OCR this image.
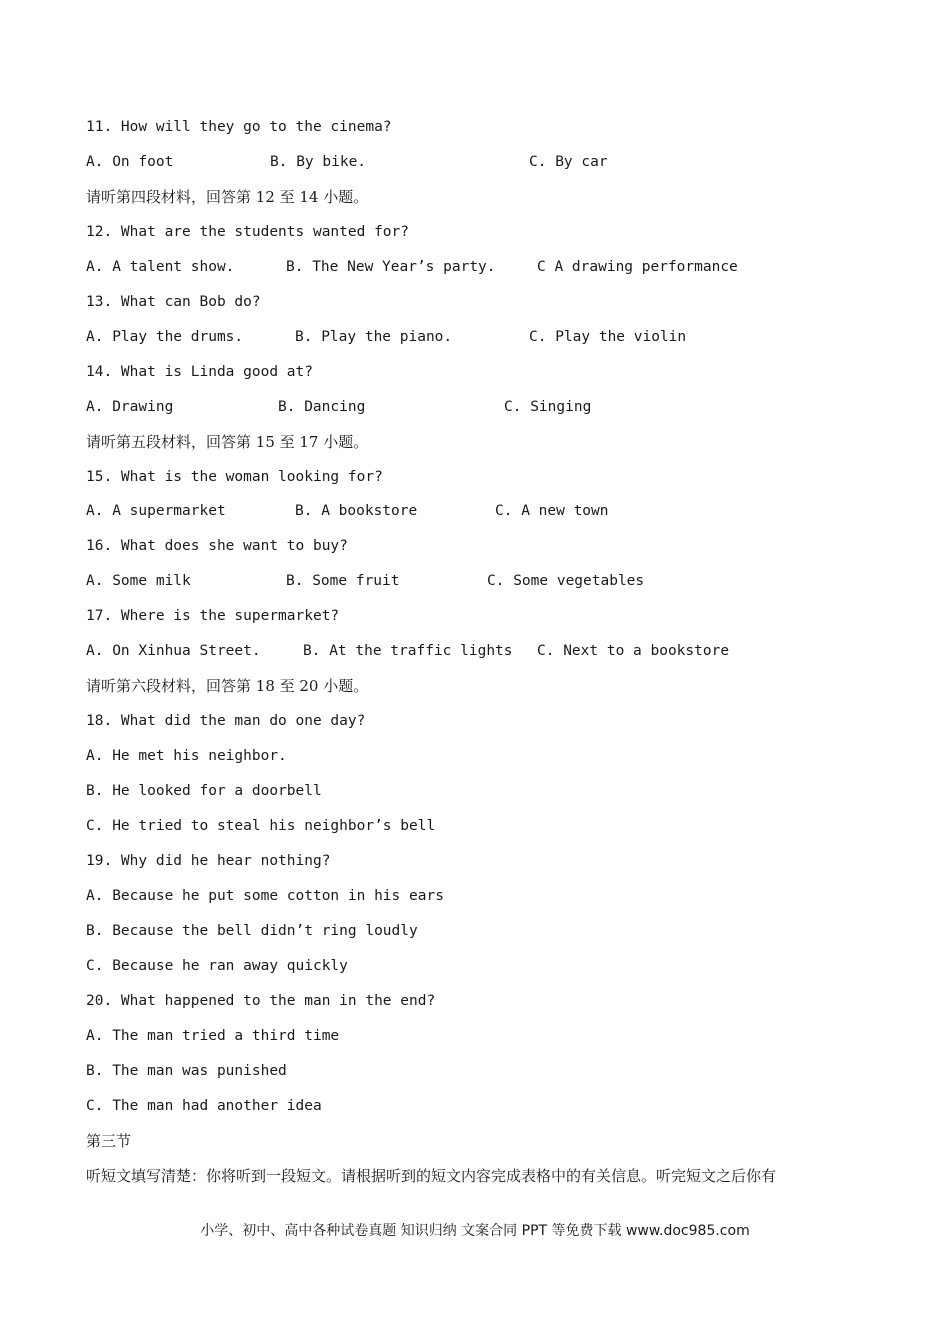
11. How will they go to the cinema?
A. On foot	B. By bike.	C. By car
请听第四段材料，回答第 12 至 14 小题。
12. What are the students wanted for?
A. A talent show.	B. The New Year’s party.	C A drawing performance
13. What can Bob do?
A. Play the drums.	B. Play the piano.	C. Play the violin
14. What is Linda good at?
A. Drawing	B. Dancing	C. Singing
请听第五段材料，回答第 15 至 17 小题。
15. What is the woman looking for?
A. A supermarket	B. A bookstore	C. A new town
16. What does she want to buy?
A. Some milk	B. Some fruit	C. Some vegetables
17. Where is the supermarket?
A. On Xinhua Street.	B. At the traffic lights C. Next to a bookstore
请听第六段材料，回答第 18 至 20 小题。
18. What did the man do one day?
A. He met his neighbor.
B. He looked for a doorbell
C. He tried to steal his neighbor’s bell
19. Why did he hear nothing?
A. Because he put some cotton in his ears
B. Because the bell didn’t ring loudly
C. Because he ran away quickly
20. What happened to the man in the end?
A. The man tried a third time
B. The man was punished
C. The man had another idea
第三节
听短文填写清楚：你将听到一段短文。请根据听到的短文内容完成表格中的有关信息。听完短文之后你有
小学、初中、高中各种试卷真题 知识归纳 文案合同 PPT 等免费下载 www.doc985.com
